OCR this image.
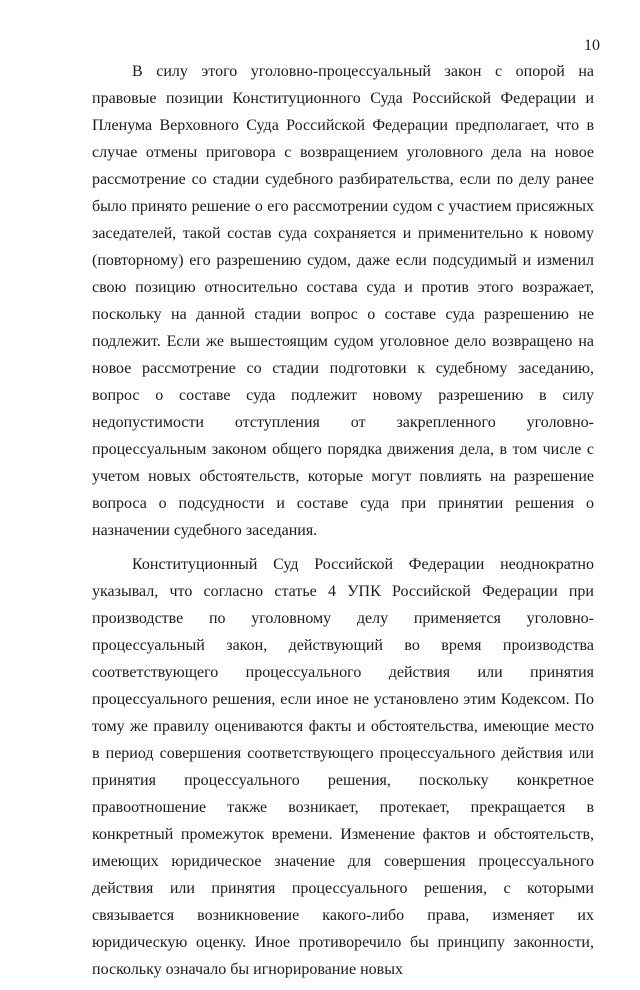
10

В силу этого уголовно-процессуальный закон с опорой на правовые позиции Конституционного Суда Российской Федерации и Пленума Верховного Суда Российской Федерации предполагает, что в случае отмены приговора с возвращением уголовного дела на новое рассмотрение со стадии судебного разбирательства, если по делу ранее было принято решение о его рассмотрении судом с участием присяжных заседателей, такой состав суда сохраняется и применительно к новому (повторному) его разрешению судом, даже если подсудимый и изменил свою позицию относительно состава суда и против этого возражает, поскольку на данной стадии вопрос о составе суда разрешению не подлежит. Если же вышестоящим судом уголовное дело возвращено на новое рассмотрение со стадии подготовки к судебному заседанию, вопрос о составе суда подлежит новому разрешению в силу недопустимости отступления от закрепленного уголовно-процессуальным законом общего порядка движения дела, в том числе с учетом новых обстоятельств, которые могут повлиять на разрешение вопроса о подсудности и составе суда при принятии решения о назначении судебного заседания.

Конституционный Суд Российской Федерации неоднократно указывал, что согласно статье 4 УПК Российской Федерации при производстве по уголовному делу применяется уголовно-процессуальный закон, действующий во время производства соответствующего процессуального действия или принятия процессуального решения, если иное не установлено этим Кодексом. По тому же правилу оцениваются факты и обстоятельства, имеющие место в период совершения соответствующего процессуального действия или принятия процессуального решения, поскольку конкретное правоотношение также возникает, протекает, прекращается в конкретный промежуток времени. Изменение фактов и обстоятельств, имеющих юридическое значение для совершения процессуального действия или принятия процессуального решения, с которыми связывается возникновение какого-либо права, изменяет их юридическую оценку. Иное противоречило бы принципу законности, поскольку означало бы игнорирование новых
